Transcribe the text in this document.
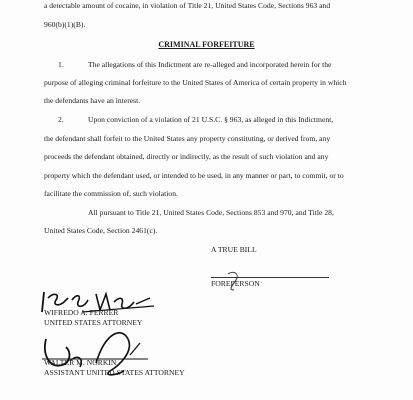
a detectable amount of cocaine, in violation of Title 21, United States Code, Sections 963 and
960(b)(1)(B).
CRIMINAL FORFEITURE
1.	The allegations of this Indictment are re-alleged and incorporated herein for the
purpose of alleging criminal forfeiture to the United States of America of certain property in which
the defendants have an interest.
2.	Upon conviction of a violation of 21 U.S.C. § 963, as alleged in this Indictment,
the defendant shall forfeit to the United States any property constituting, or derived from, any
proceeds the defendant obtained, directly or indirectly, as the result of such violation and any
property which the defendant used, or intended to be used, in any manner or part, to commit, or to
facilitate the commission of, such violation.
All pursuant to Title 21, United States Code, Sections 853 and 970, and Title 28,
United States Code, Section 2461(c).
A TRUE BILL
FOREPERSON
WIFREDO A. FERRER
UNITED STATES ATTORNEY
WALTER M. NORKIN
ASSISTANT UNITED STATES ATTORNEY
